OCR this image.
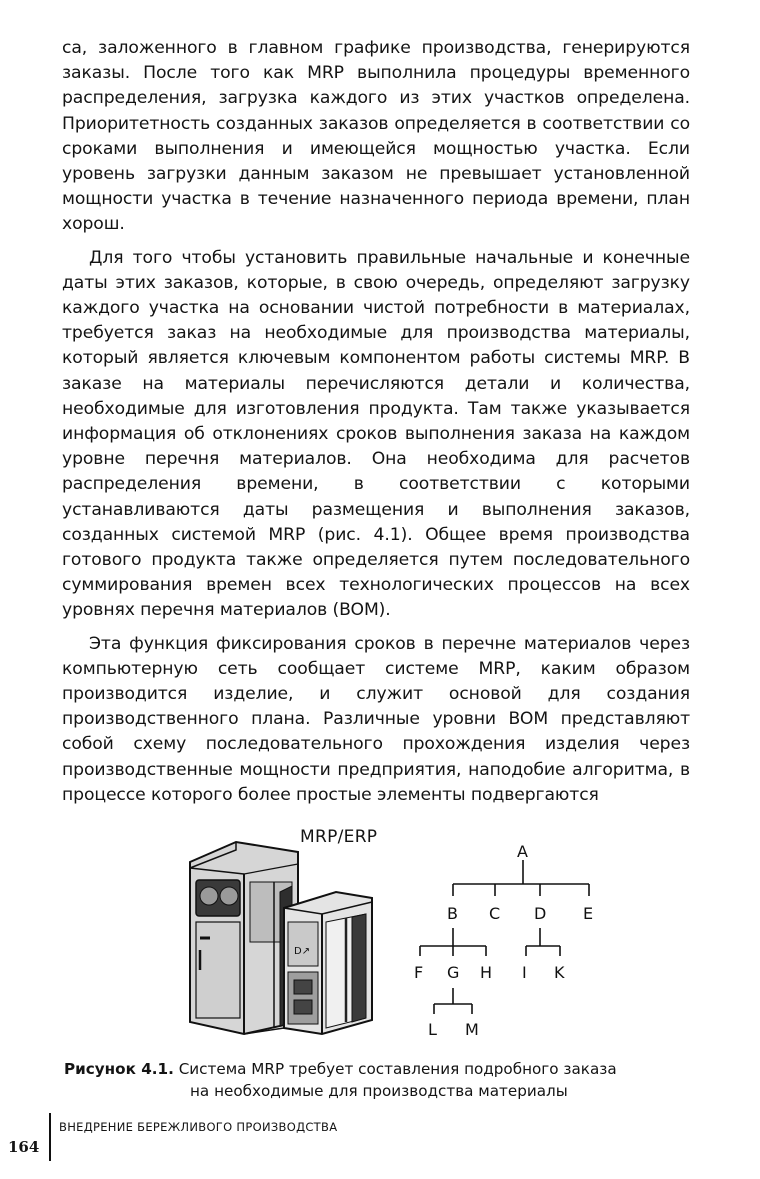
са, заложенного в главном графике производства, генерируются заказы. После того как MRP выполнила процедуры временного распределения, загрузка каждого из этих участков определена. Приоритетность созданных заказов определяется в соответствии со сроками выполнения и имеющейся мощностью участка. Если уровень загрузки данным заказом не превышает установленной мощности участка в течение назначенного периода времени, план хорош.

Для того чтобы установить правильные начальные и конечные даты этих заказов, которые, в свою очередь, определяют загрузку каждого участка на основании чистой потребности в материалах, требуется заказ на необходимые для производства материалы, который является ключевым компонентом работы системы MRP. В заказе на материалы перечисляются детали и количества, необходимые для изготовления продукта. Там также указывается информация об отклонениях сроков выполнения заказа на каждом уровне перечня материалов. Она необходима для расчетов распределения времени, в соответствии с которыми устанавливаются даты размещения и выполнения заказов, созданных системой MRP (рис. 4.1). Общее время производства готового продукта также определяется путем последовательного суммирования времен всех технологических процессов на всех уровнях перечня материалов (BOM).

Эта функция фиксирования сроков в перечне материалов через компьютерную сеть сообщает системе MRP, каким образом производится изделие, и служит основой для создания производственного плана. Различные уровни BOM представляют собой схему последовательного прохождения изделия через производственные мощности предприятия, наподобие алгоритма, в процессе которого более простые элементы подвергаются

MRP/ERP
D↗
A
B C D E
F G H I K
L M
Рисунок 4.1. Система MRP требует составления подробного заказа
на необходимые для производства материалы
ВНЕДРЕНИЕ БЕРЕЖЛИВОГО ПРОИЗВОДСТВА
164
